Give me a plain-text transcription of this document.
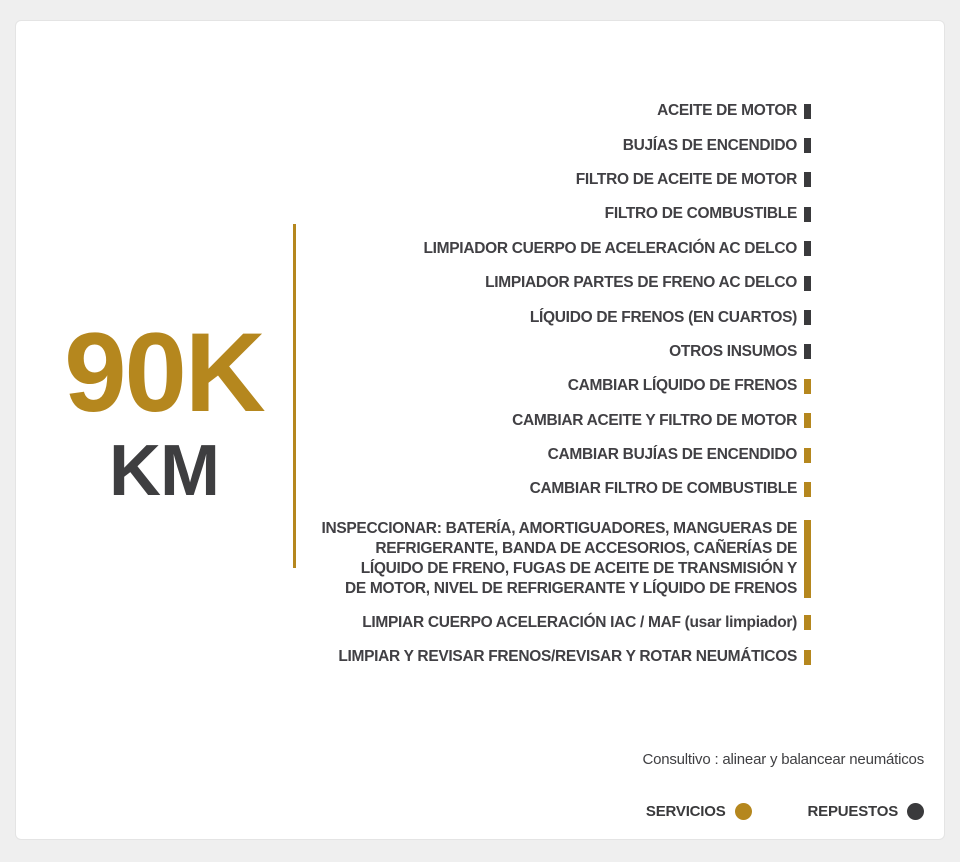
90K
KM
ACEITE DE MOTOR
BUJÍAS DE ENCENDIDO
FILTRO DE ACEITE DE MOTOR
FILTRO DE COMBUSTIBLE
LIMPIADOR CUERPO DE ACELERACIÓN AC DELCO
LIMPIADOR PARTES DE FRENO AC DELCO
LÍQUIDO DE FRENOS (EN CUARTOS)
OTROS INSUMOS
CAMBIAR LÍQUIDO DE FRENOS
CAMBIAR ACEITE Y FILTRO DE MOTOR
CAMBIAR BUJÍAS DE ENCENDIDO
CAMBIAR FILTRO DE COMBUSTIBLE
INSPECCIONAR: BATERÍA, AMORTIGUADORES, MANGUERAS DE
REFRIGERANTE, BANDA DE ACCESORIOS, CAÑERÍAS DE
LÍQUIDO DE FRENO, FUGAS DE ACEITE DE TRANSMISIÓN Y
DE MOTOR, NIVEL DE REFRIGERANTE Y LÍQUIDO DE FRENOS
LIMPIAR CUERPO ACELERACIÓN IAC / MAF (usar limpiador)
LIMPIAR Y REVISAR FRENOS/REVISAR Y ROTAR NEUMÁTICOS
Consultivo : alinear y balancear neumáticos
SERVICIOS	REPUESTOS
